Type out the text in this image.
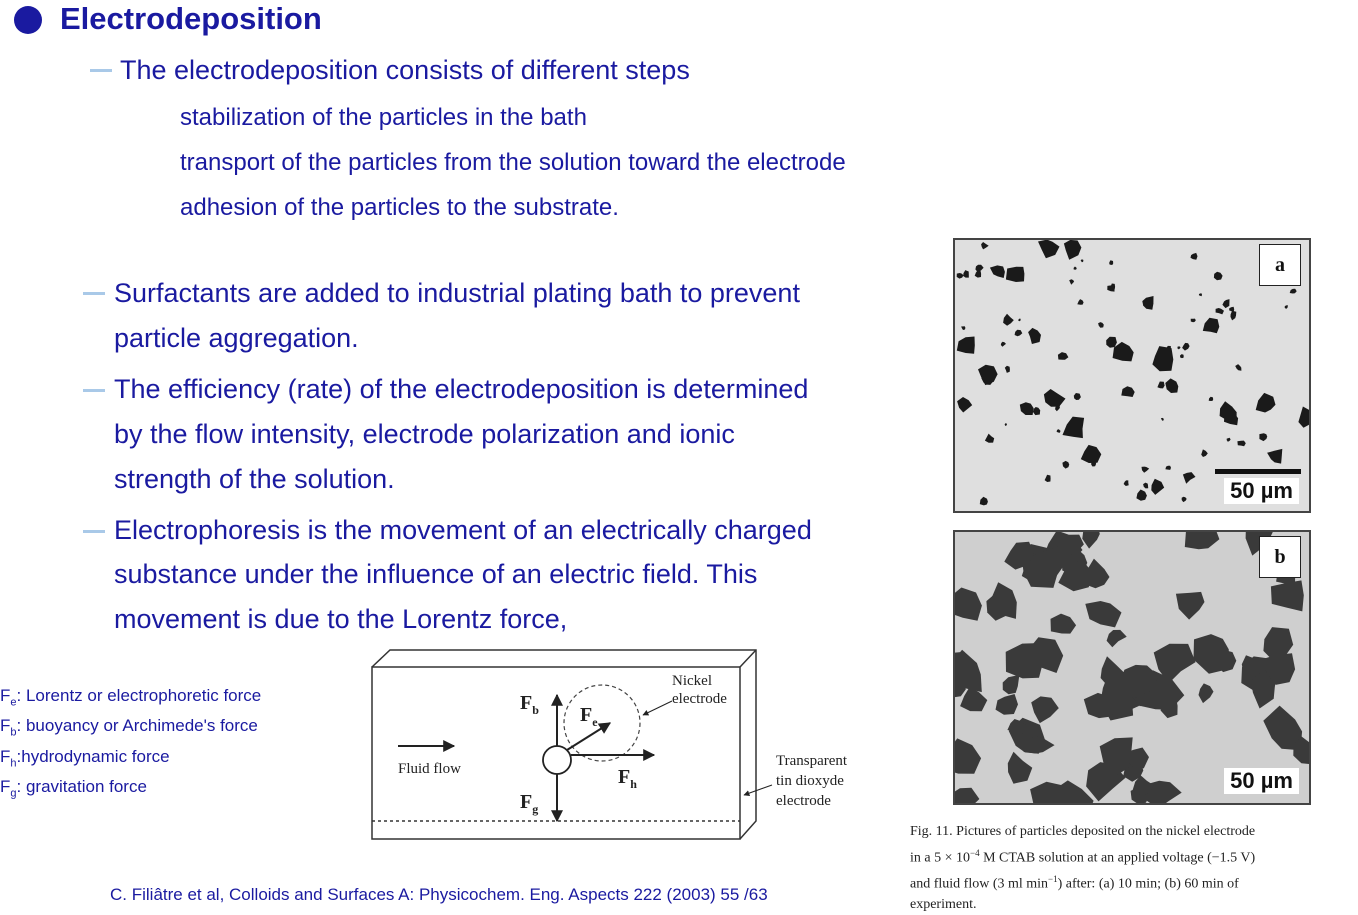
Electrodeposition
The electrodeposition consists of different steps
stabilization of the particles in the bath
transport of the particles from the solution toward the electrode
adhesion of the particles to the substrate.
Surfactants are added to industrial plating bath to prevent
particle aggregation.
The efficiency (rate) of the electrodeposition is determined
by the flow intensity, electrode polarization and ionic
strength of the solution.
Electrophoresis is the movement of an electrically charged
substance under the influence of an electric field. This
movement is due to the Lorentz force,
$F_e$: Lorentz or electrophoretic force
$F_b$: buoyancy or Archimede's force
$F_h:hydrodynamic$ force
$F_g$: gravitation force
Fluid flow
$F_b$
$F_g$
$F_h$
$F_e$
Nickel
electrode
Transparent
tin dioxyde
electrode
a
50 µm
b
50 µm
Fig. 11. Pictures of particles deposited on the nickel electrode
in a $5 \times 10^{-4}$ M CTAB solution at an applied voltage (−1.5 V)
and fluid flow (3 ml $\min^{-1}$) after: (a) 10 min; (b) 60 min of
experiment.
C. Filiâtre et al, Colloids and Surfaces A: Physicochem. Eng. Aspects 222 (2003) 55 /63
